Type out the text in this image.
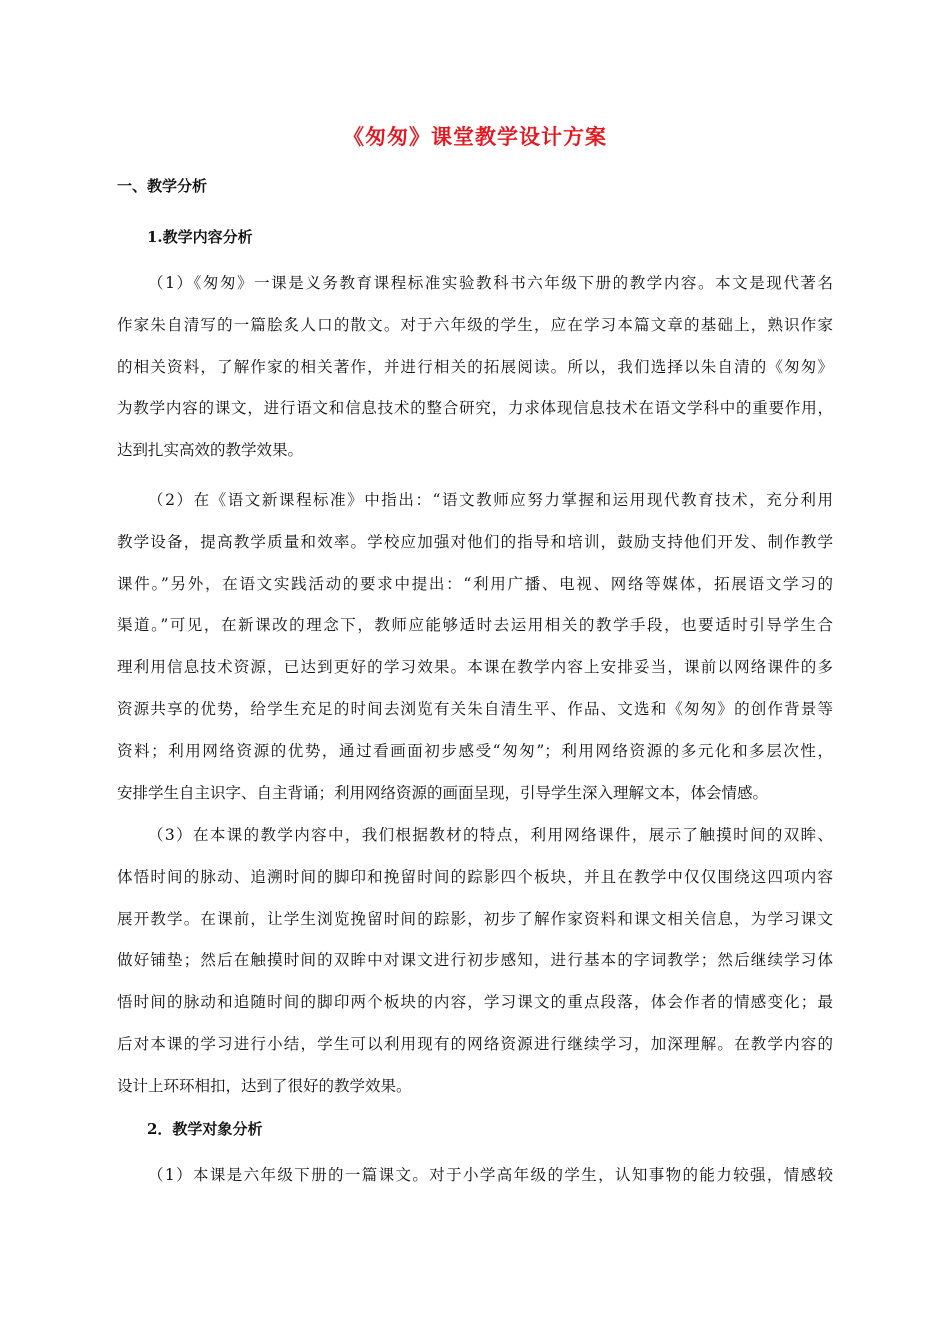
《匆匆》课堂教学设计方案
一、教学分析
1.教学内容分析
（1）《匆匆》一课是义务教育课程标准实验教科书六年级下册的教学内容。本文是现代著名
作家朱自清写的一篇脍炙人口的散文。对于六年级的学生，应在学习本篇文章的基础上，熟识作家
的相关资料，了解作家的相关著作，并进行相关的拓展阅读。所以，我们选择以朱自清的《匆匆》
为教学内容的课文，进行语文和信息技术的整合研究，力求体现信息技术在语文学科中的重要作用，
达到扎实高效的教学效果。
（2）在《语文新课程标准》中指出：“语文教师应努力掌握和运用现代教育技术，充分利用
教学设备，提高教学质量和效率。学校应加强对他们的指导和培训，鼓励支持他们开发、制作教学
课件。”另外，在语文实践活动的要求中提出：“利用广播、电视、网络等媒体，拓展语文学习的
渠道。”可见，在新课改的理念下，教师应能够适时去运用相关的教学手段，也要适时引导学生合
理利用信息技术资源，已达到更好的学习效果。本课在教学内容上安排妥当，课前以网络课件的多
资源共享的优势，给学生充足的时间去浏览有关朱自清生平、作品、文选和《匆匆》的创作背景等
资料；利用网络资源的优势，通过看画面初步感受“匆匆”；利用网络资源的多元化和多层次性，
安排学生自主识字、自主背诵；利用网络资源的画面呈现，引导学生深入理解文本，体会情感。
（3）在本课的教学内容中，我们根据教材的特点，利用网络课件，展示了触摸时间的双眸、
体悟时间的脉动、追溯时间的脚印和挽留时间的踪影四个板块，并且在教学中仅仅围绕这四项内容
展开教学。在课前，让学生浏览挽留时间的踪影，初步了解作家资料和课文相关信息，为学习课文
做好铺垫；然后在触摸时间的双眸中对课文进行初步感知，进行基本的字词教学；然后继续学习体
悟时间的脉动和追随时间的脚印两个板块的内容，学习课文的重点段落，体会作者的情感变化；最
后对本课的学习进行小结，学生可以利用现有的网络资源进行继续学习，加深理解。在教学内容的
设计上环环相扣，达到了很好的教学效果。
2．教学对象分析
（1）本课是六年级下册的一篇课文。对于小学高年级的学生，认知事物的能力较强，情感较
